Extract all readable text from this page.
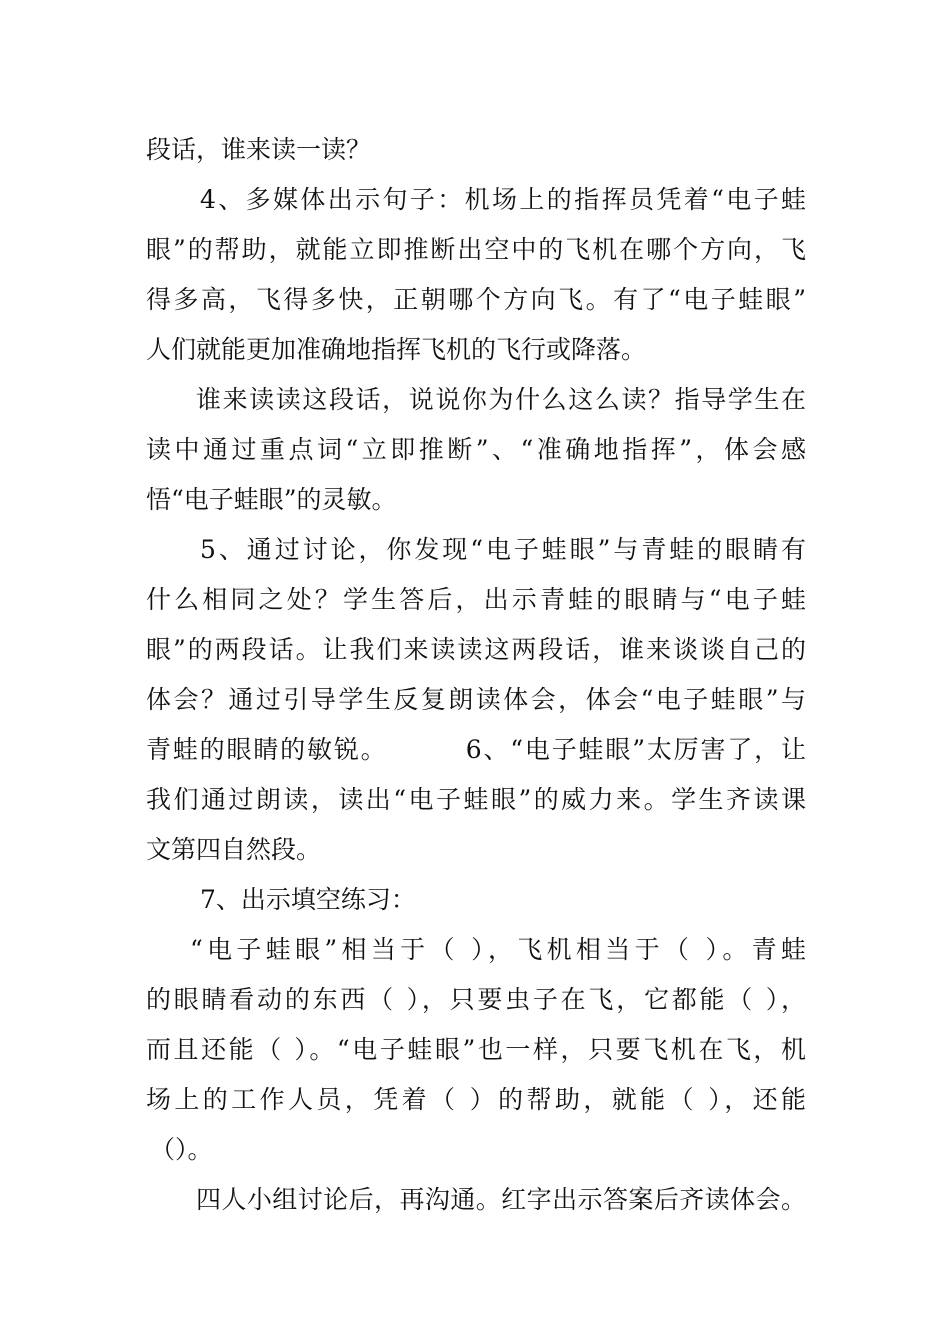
段话，谁来读一读？
4、多媒体出示句子：机场上的指挥员凭着“电子蛙
眼”的帮助，就能立即推断出空中的飞机在哪个方向，飞
得多高，飞得多快，正朝哪个方向飞。有了“电子蛙眼”
人们就能更加准确地指挥飞机的飞行或降落。
谁来读读这段话，说说你为什么这么读？指导学生在
读中通过重点词“立即推断”、“准确地指挥”，体会感
悟“电子蛙眼”的灵敏。
5、通过讨论，你发现“电子蛙眼”与青蛙的眼睛有
什么相同之处？学生答后，出示青蛙的眼睛与“电子蛙
眼”的两段话。让我们来读读这两段话，谁来谈谈自己的
体会？通过引导学生反复朗读体会，体会“电子蛙眼”与
青蛙的眼睛的敏锐。        6、“电子蛙眼”太厉害了，让
我们通过朗读，读出“电子蛙眼”的威力来。学生齐读课
文第四自然段。
7、出示填空练习：
“电子蛙眼”相当于（ ），飞机相当于（ ）。青蛙
的眼睛看动的东西（ ），只要虫子在飞，它都能（ ），
而且还能（ ）。“电子蛙眼”也一样，只要飞机在飞，机
场上的工作人员，凭着（ ）的帮助，就能（ ），还能
（）。
四人小组讨论后，再沟通。红字出示答案后齐读体会。
